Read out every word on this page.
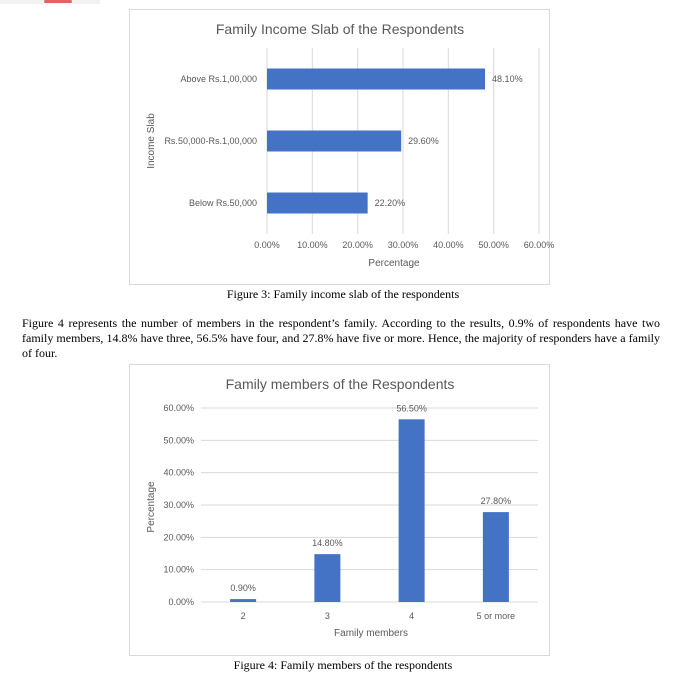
0.00% 10.00% 20.00% 30.00% 40.00% 50.00% 60.00%
Family Income Slab of the Respondents
Percentage
Income Slab
Above Rs.1,00,000	48.10%
Rs.50,000-Rs.1,00,000	29.60%
Below Rs.50,000	22.20%
Figure 3: Family income slab of the respondents

Figure 4 represents the number of members in the respondent’s family. According to the results, 0.9% of respondents have two family members, 14.8% have three, 56.5% have four, and 27.8% have five or more. Hence, the majority of responders have a family of four.

0.00%
10.00%
20.00%
30.00%
40.00%
50.00%
60.00%
Family members of the Respondents
Family members
Percentage
2
0.90%
3
14.80%
4
56.50%
5 or more
27.80%
Figure 4: Family members of the respondents
